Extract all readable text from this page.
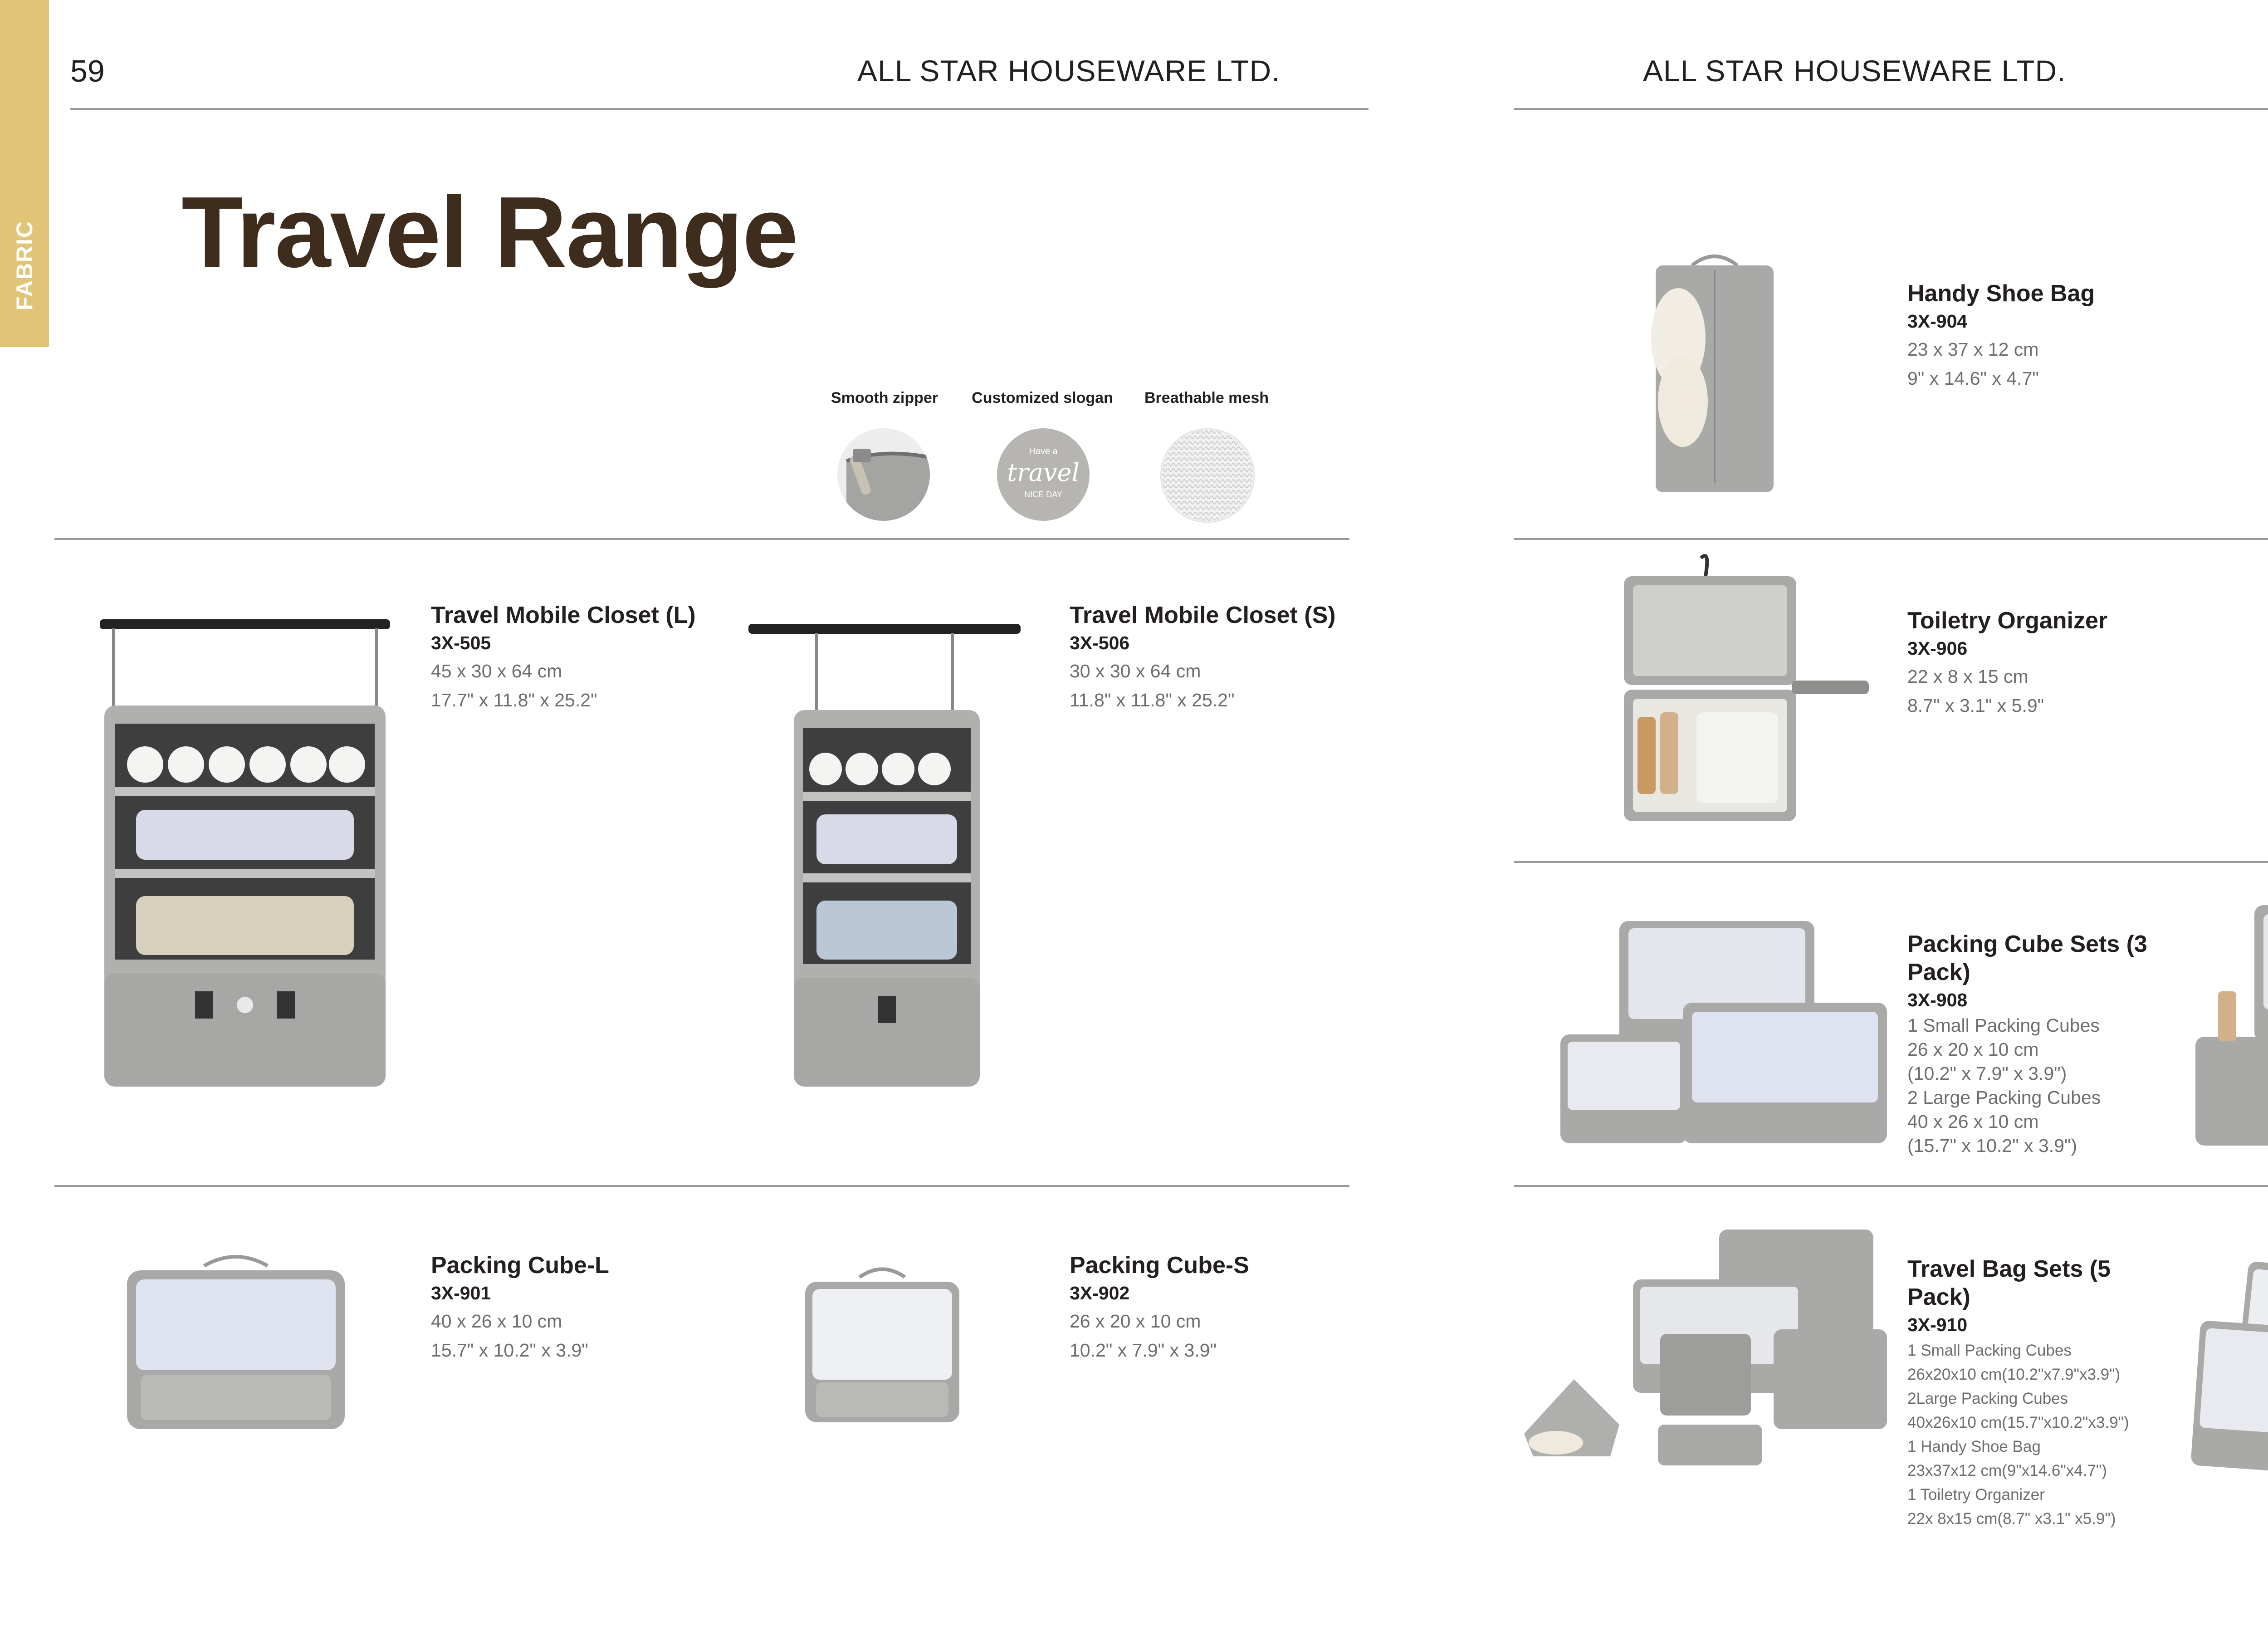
FABRIC
59	ALL STAR HOUSEWARE LTD.
Travel Range
Smooth zipper	Customized slogan	Breathable mesh
Have a
travel
NICE DAY
Travel Mobile Closet (L)
3X-505
45 x 30 x 64 cm
17.7" x 11.8" x 25.2"
Travel Mobile Closet (S)
3X-506
30 x 30 x 64 cm
11.8" x 11.8" x 25.2"
Packing Cube-L
3X-901
40 x 26 x 10 cm
15.7" x 10.2" x 3.9"
Packing Cube-S
3X-902
26 x 20 x 10 cm
10.2" x 7.9" x 3.9"
ALL STAR HOUSEWARE LTD.
Handy Shoe Bag
3X-904
23 x 37 x 12 cm
9" x 14.6" x 4.7"
Toiletry Organizer
3X-906
22 x 8 x 15 cm
8.7" x 3.1" x 5.9"
Packing Cube Sets (3 Pack)
3X-908
1 Small Packing Cubes
26 x 20 x 10 cm
(10.2" x 7.9" x 3.9")
2 Large Packing Cubes
40 x 26 x 10 cm
(15.7" x 10.2" x 3.9")
Travel Bag Sets (5 Pack)
3X-910
1 Small Packing Cubes
26x20x10 cm(10.2"x7.9"x3.9")
2Large Packing Cubes
40x26x10 cm(15.7"x10.2"x3.9")
1 Handy Shoe Bag
23x37x12 cm(9"x14.6"x4.7")
1 Toiletry Organizer
22x 8x15 cm(8.7" x3.1" x5.9")
